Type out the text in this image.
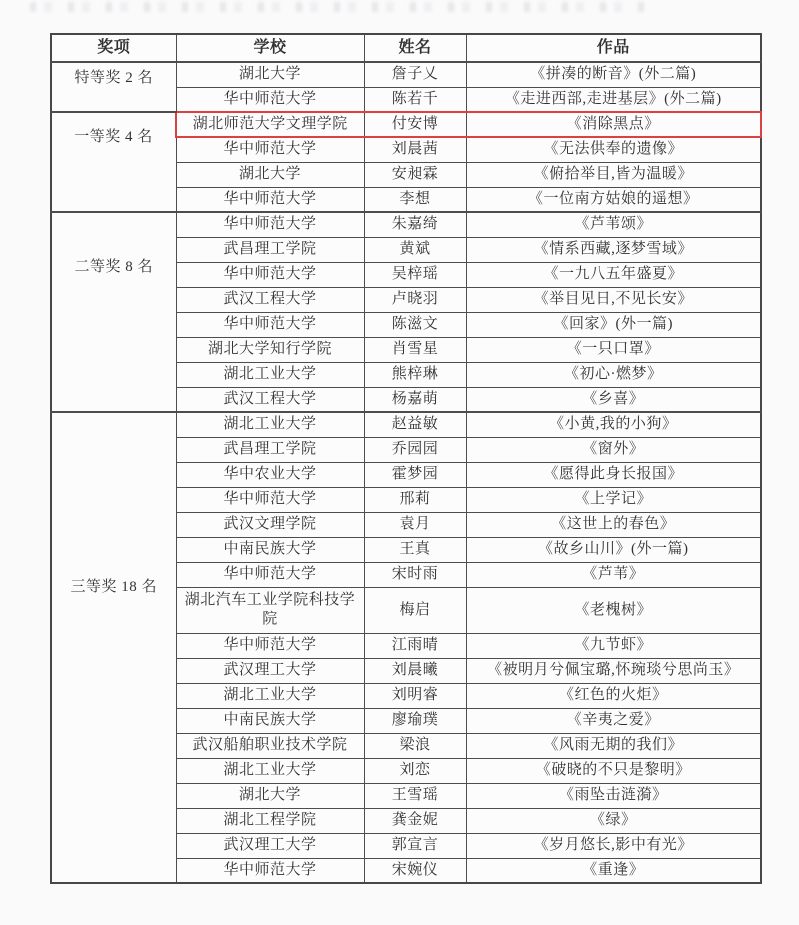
奖项	学校	姓名	作品
特等奖 2 名	湖北大学	詹子乂	《拼凑的断音》(外二篇)
	华中师范大学	陈若千	《走进西部,走进基层》(外二篇)
一等奖 4 名	湖北师范大学文理学院	付安博	《消除黑点》
	华中师范大学	刘晨茜	《无法供奉的遗像》
	湖北大学	安昶霖	《俯拾举目,皆为温暖》
	华中师范大学	李想	《一位南方姑娘的遥想》
二等奖 8 名	华中师范大学	朱嘉绮	《芦苇颂》
	武昌理工学院	黄斌	《情系西藏,逐梦雪域》
	华中师范大学	吴梓瑶	《一九八五年盛夏》
	武汉工程大学	卢晓羽	《举目见日,不见长安》
	华中师范大学	陈滋文	《回家》(外一篇)
	湖北大学知行学院	肖雪星	《一只口罩》
	湖北工业大学	熊梓琳	《初心·燃梦》
	武汉工程大学	杨嘉萌	《乡喜》
三等奖 18 名	湖北工业大学	赵益敏	《小黄,我的小狗》
	武昌理工学院	乔园园	《窗外》
	华中农业大学	霍梦园	《愿得此身长报国》
	华中师范大学	邢莉	《上学记》
	武汉文理学院	袁月	《这世上的春色》
	中南民族大学	王真	《故乡山川》(外一篇)
	华中师范大学	宋时雨	《芦苇》
	湖北汽车工业学院科技学院	梅启	《老槐树》
	华中师范大学	江雨晴	《九节虾》
	武汉理工大学	刘晨曦	《被明月兮佩宝璐,怀琬琰兮思尚玉》
	湖北工业大学	刘明睿	《红色的火炬》
	中南民族大学	廖瑜璞	《辛夷之爱》
	武汉船舶职业技术学院	梁浪	《风雨无期的我们》
	湖北工业大学	刘恋	《破晓的不只是黎明》
	湖北大学	王雪瑶	《雨坠击涟漪》
	湖北工程学院	龚金妮	《绿》
	武汉理工大学	郭宣言	《岁月悠长,影中有光》
	华中师范大学	宋婉仪	《重逢》
